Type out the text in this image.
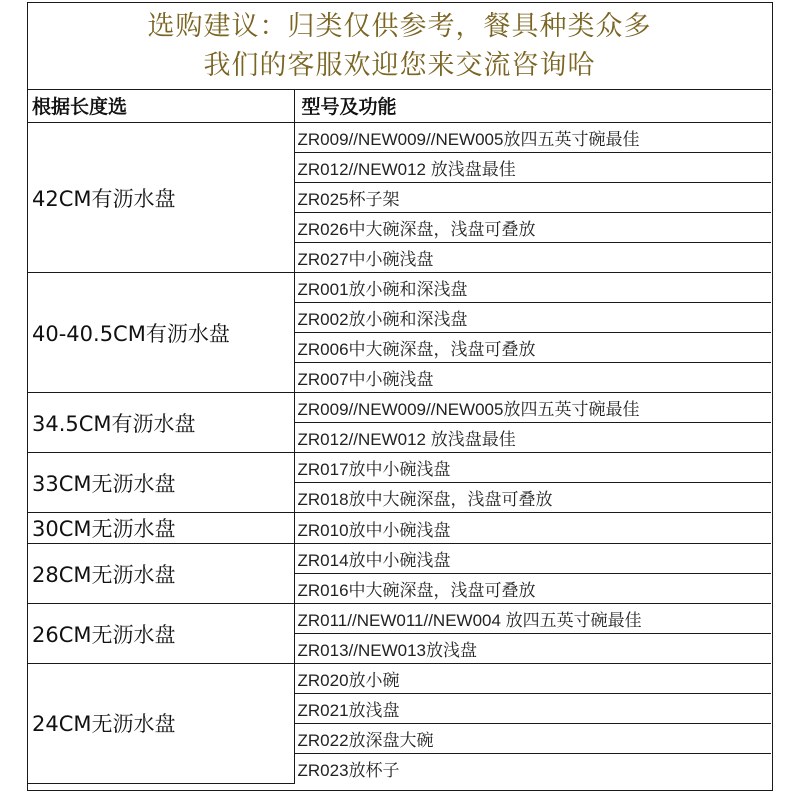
选购建议：归类仅供参考，餐具种类众多
我们的客服欢迎您来交流咨询哈
根据长度选	型号及功能
42CM有沥水盘	ZR009//NEW009//NEW005放四五英寸碗最佳
	ZR012//NEW012 放浅盘最佳
	ZR025杯子架
	ZR026中大碗深盘，浅盘可叠放
	ZR027中小碗浅盘
40-40.5CM有沥水盘	ZR001放小碗和深浅盘
	ZR002放小碗和深浅盘
	ZR006中大碗深盘，浅盘可叠放
	ZR007中小碗浅盘
34.5CM有沥水盘	ZR009//NEW009//NEW005放四五英寸碗最佳
	ZR012//NEW012 放浅盘最佳
33CM无沥水盘	ZR017放中小碗浅盘
	ZR018放中大碗深盘，浅盘可叠放
30CM无沥水盘	ZR010放中小碗浅盘
28CM无沥水盘	ZR014放中小碗浅盘
	ZR016中大碗深盘，浅盘可叠放
26CM无沥水盘	ZR011//NEW011//NEW004 放四五英寸碗最佳
	ZR013//NEW013放浅盘
24CM无沥水盘	ZR020放小碗
	ZR021放浅盘
	ZR022放深盘大碗
	ZR023放杯子
